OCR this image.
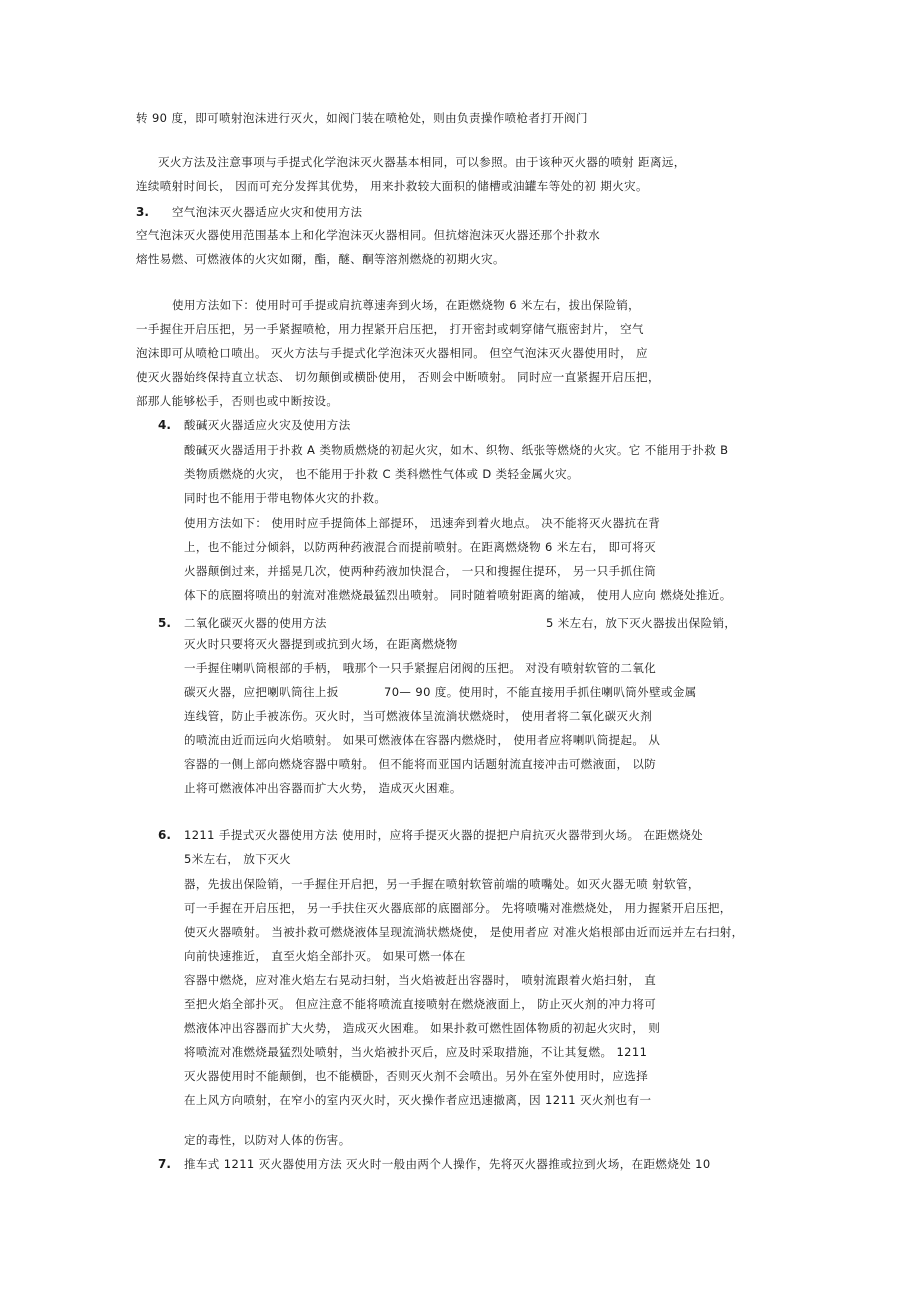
转 90 度，即可喷射泡沫进行灭火，如阀门装在喷枪处，则由负责操作喷枪者打开阀门
灭火方法及注意事项与手提式化学泡沫灭火器基本相同，可以参照。由于该种灭火器的喷射 距离远，
连续喷射时间长， 因而可充分发挥其优势， 用来扑救较大面积的储槽或油罐车等处的初 期火灾。
3. 空气泡沫灭火器适应火灾和使用方法
空气泡沫灭火器使用范围基本上和化学泡沫灭火器相同。但抗熔泡沫灭火器还那个扑救水
熔性易燃、可燃液体的火灾如爾，酯，醚、酮等溶剂燃烧的初期火灾。
使用方法如下：使用时可手提或肩抗尊速奔到火场，在距燃烧物 6 米左右，拔出保险销，
一手握住开启压把，另一手紧握喷枪，用力捏紧开启压把， 打开密封或刺穿储气瓶密封片， 空气
泡沫即可从喷枪口喷出。 灭火方法与手提式化学泡沫灭火器相同。 但空气泡沫灭火器使用时， 应
使灭火器始终保持直立状态、 切勿颠倒或横卧使用， 否则会中断喷射。 同时应一直紧握开启压把，
部那人能够松手，否则也或中断按设。
4. 酸碱灭火器适应火灾及使用方法
酸碱灭火器适用于扑救 A 类物质燃烧的初起火灾，如木、织物、纸张等燃烧的火灾。它 不能用于扑救 B
类物质燃烧的火灾， 也不能用于扑救 C 类科燃性气体或 D 类轻金属火灾。
同时也不能用于带电物体火灾的扑救。
使用方法如下： 使用时应手提筒体上部提环， 迅速奔到着火地点。 决不能将灭火器抗在背
上，也不能过分倾斜，以防两种药液混合而提前喷射。在距离燃烧物 6 米左右， 即可将灭
火器颠倒过来，并摇晃几次，使两种药液加快混合， 一只和搜握住提环， 另一只手抓住筒
体下的底圈将喷出的射流对准燃烧最猛烈出喷射。 同时随着喷射距离的缩减， 使用人应向 燃烧处推近。
5. 二氧化碳灭火器的使用方法	5 米左右，放下灭火器拔出保险销，
灭火时只要将灭火器提到或抗到火场，在距离燃烧物
一手握住喇叭筒根部的手柄， 哦那个一只手紧握启闭阀的压把。 对没有喷射软管的二氧化
碳灭火器，应把喇叭筒往上扳	70— 90 度。使用时，不能直接用手抓住喇叭筒外壁或金属
连线管，防止手被冻伤。灭火时，当可燃液体呈流淌状燃烧时， 使用者将二氧化碳灭火剂
的喷流由近而远向火焰喷射。 如果可燃液体在容器内燃烧时， 使用者应将喇叭筒提起。 从
容器的一侧上部向燃烧容器中喷射。 但不能将而亚国内话题射流直接冲击可燃液面， 以防
止将可燃液体冲出容器而扩大火势， 造成灭火困难。
6. 1211 手提式灭火器使用方法 使用时，应将手提灭火器的提把户肩抗灭火器带到火场。 在距燃烧处
5米左右， 放下灭火
器，先拔出保险销，一手握住开启把，另一手握在喷射软管前端的喷嘴处。如灭火器无喷 射软管，
可一手握在开启压把， 另一手扶住灭火器底部的底圈部分。 先将喷嘴对准燃烧处， 用力握紧开启压把，
使灭火器喷射。 当被扑救可燃烧液体呈现流淌状燃烧使， 是使用者应 对准火焰根部由近而远并左右扫射，
向前快速推近， 直至火焰全部扑灭。 如果可燃一体在
容器中燃烧，应对准火焰左右晃动扫射，当火焰被赶出容器时， 喷射流跟着火焰扫射， 直
至把火焰全部扑灭。 但应注意不能将喷流直接喷射在燃烧液面上， 防止灭火剂的冲力将可
燃液体冲出容器而扩大火势， 造成灭火困难。 如果扑救可燃性固体物质的初起火灾时， 则
将喷流对准燃烧最猛烈处喷射，当火焰被扑灭后，应及时采取措施，不让其复燃。 1211
灭火器使用时不能颠倒，也不能横卧，否则灭火剂不会喷出。另外在室外使用时，应选择
在上风方向喷射，在窄小的室内灭火时，灭火操作者应迅速撤离，因 1211 灭火剂也有一
定的毒性，以防对人体的伤害。
7. 推车式 1211 灭火器使用方法 灭火时一般由两个人操作，先将灭火器推或拉到火场，在距燃烧处 10
